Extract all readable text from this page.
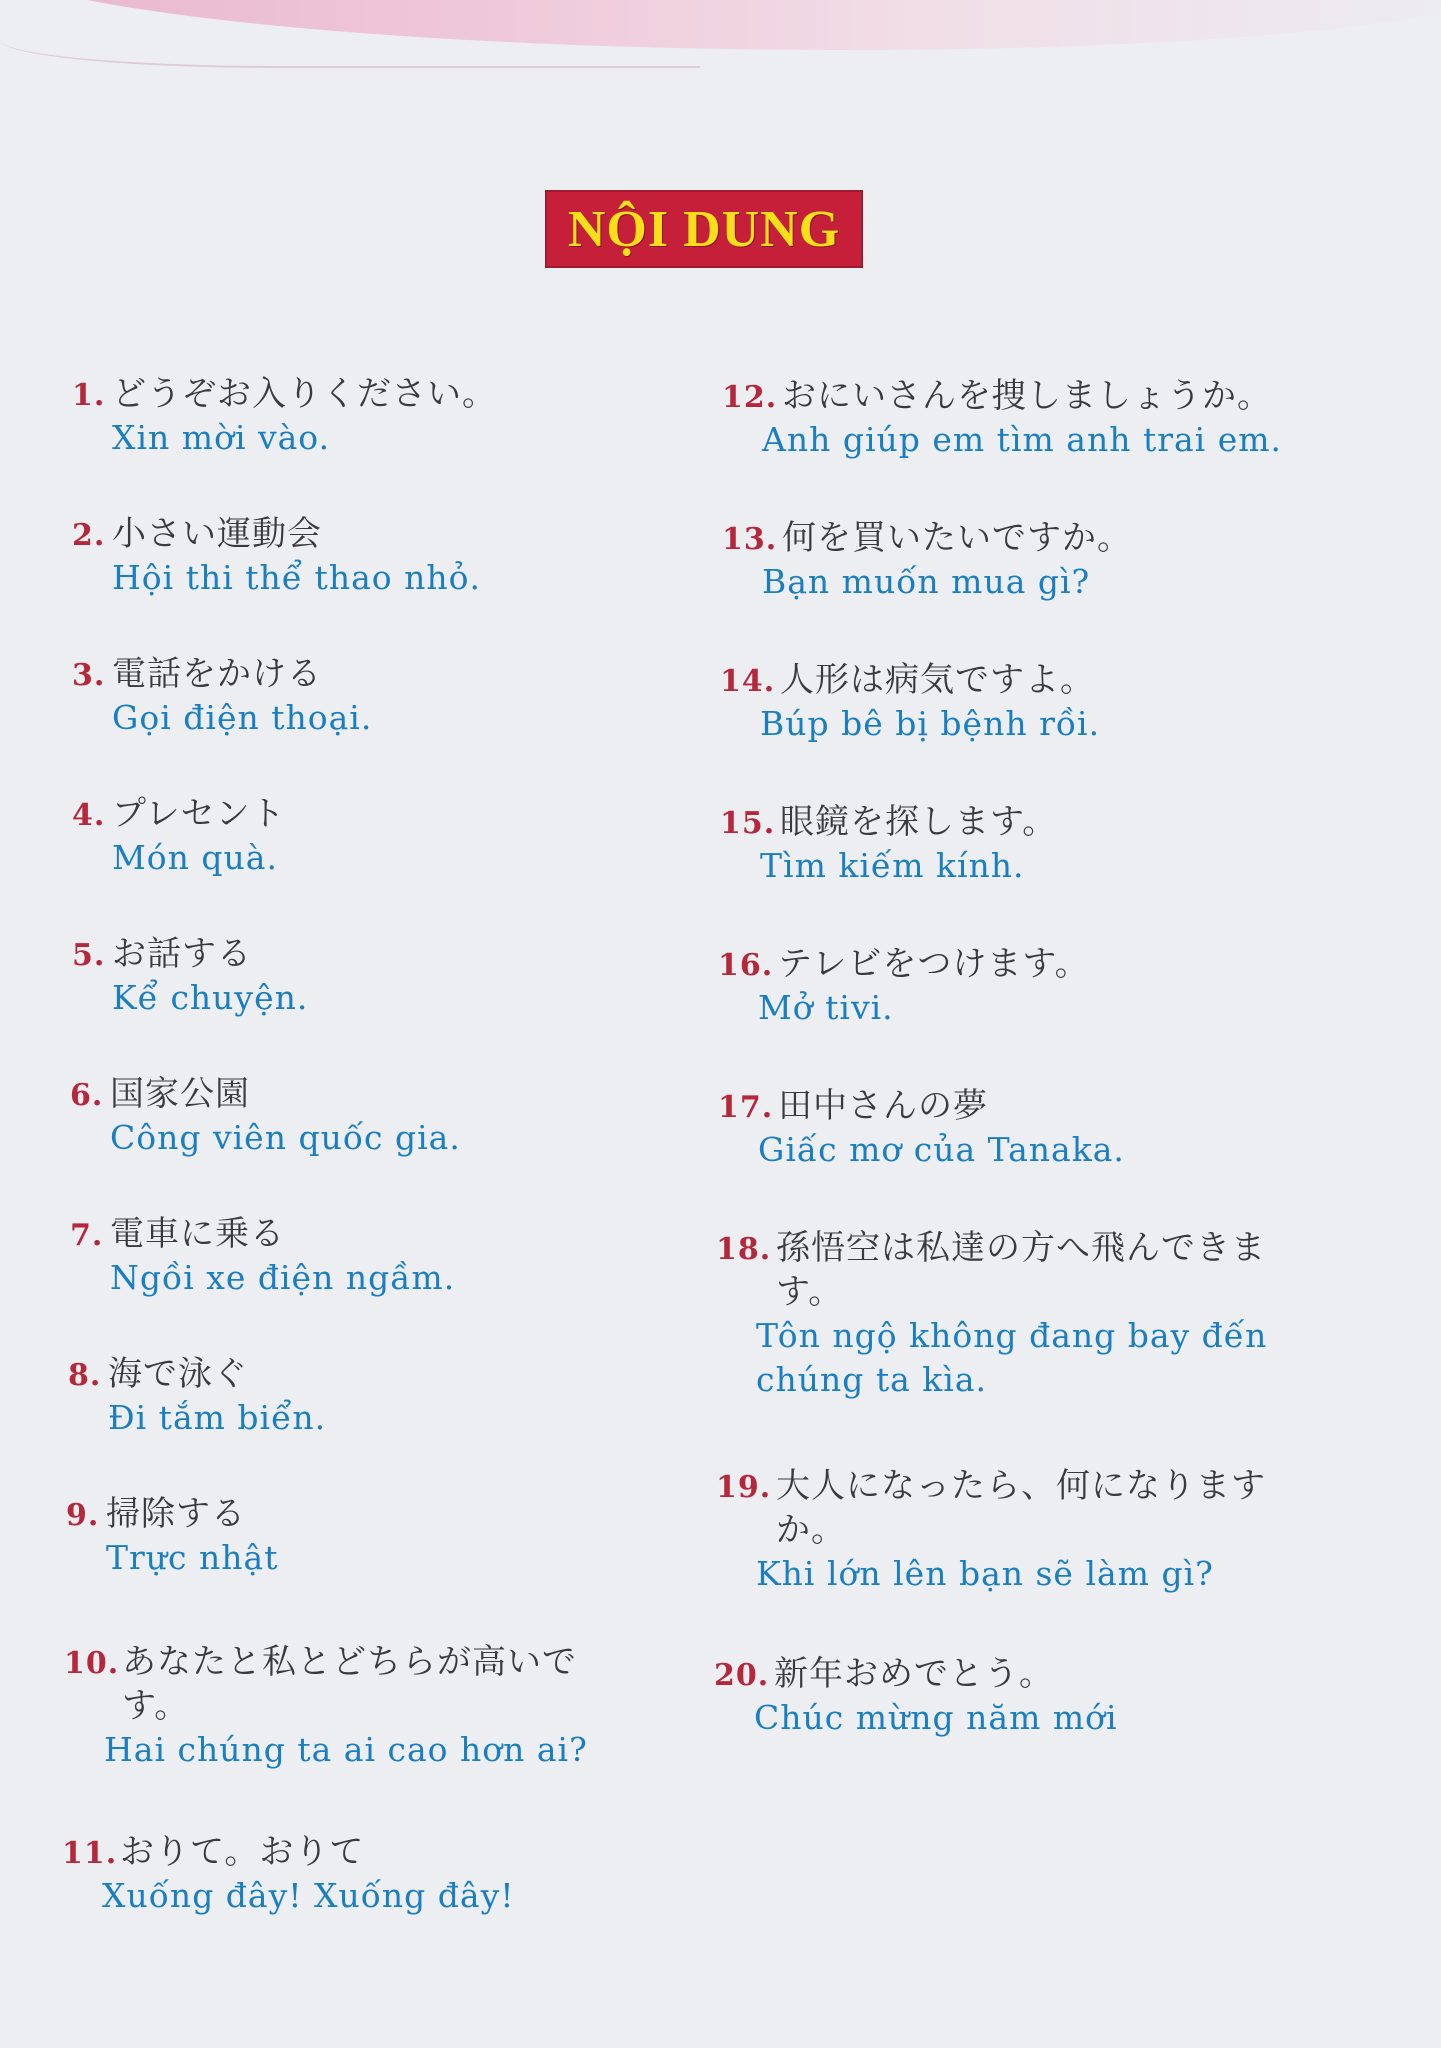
NỘI DUNG
1. どうぞお入りください。
Xin mời vào.
2. 小さい運動会
Hội thi thể thao nhỏ.
3. 電話をかける
Gọi điện thoại.
4. プレセント
Món quà.
5. お話する
Kể chuyện.
6. 国家公園
Công viên quốc gia.
7. 電車に乗る
Ngồi xe điện ngầm.
8. 海で泳ぐ
Đi tắm biển.
9. 掃除する
Trực nhật
10. あなたと私とどちらが高いで す。
Hai chúng ta ai cao hơn ai?
11. おりて。おりて
Xuống đây! Xuống đây!
12. おにいさんを捜しましょうか。
Anh giúp em tìm anh trai em.
13. 何を買いたいですか。
Bạn muốn mua gì?
14. 人形は病気ですよ。
Búp bê bị bệnh rồi.
15. 眼鏡を探します。
Tìm kiếm kính.
16. テレビをつけます。
Mở tivi.
17. 田中さんの夢
Giấc mơ của Tanaka.
18. 孫悟空は私達の方へ飛んできま す。
Tôn ngộ không đang bay đến chúng ta kìa.
19. 大人になったら、何になります か。
Khi lớn lên bạn sẽ làm gì?
20. 新年おめでとう。
Chúc mừng năm mới
